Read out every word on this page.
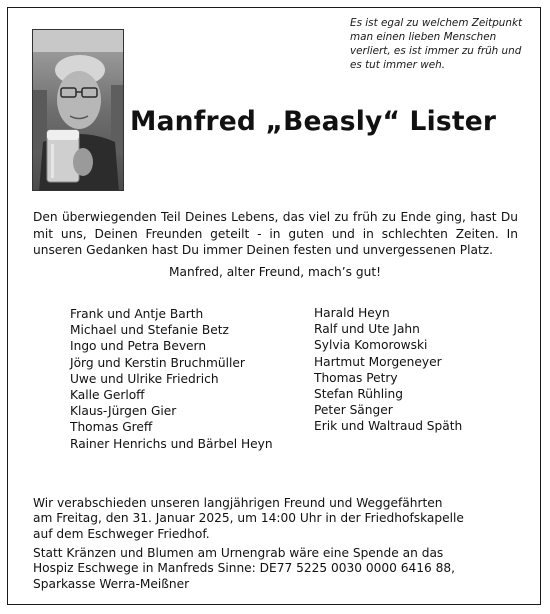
Es ist egal zu welchem Zeitpunkt
man einen lieben Menschen
verliert, es ist immer zu früh und
es tut immer weh.
Manfred „Beasly“ Lister

Den überwiegenden Teil Deines Lebens, das viel zu früh zu Ende ging, hast Du mit uns, Deinen Freunden geteilt - in guten und in schlechten Zeiten. In unseren Gedanken hast Du immer Deinen festen und unvergessenen Platz.

Manfred, alter Freund, mach’s gut!

Frank und Antje Barth
Michael und Stefanie Betz
Ingo und Petra Bevern
Jörg und Kerstin Bruchmüller
Uwe und Ulrike Friedrich
Kalle Gerloff
Klaus-Jürgen Gier
Thomas Greff
Rainer Henrichs und Bärbel Heyn
Harald Heyn
Ralf und Ute Jahn
Sylvia Komorowski
Hartmut Morgeneyer
Thomas Petry
Stefan Rühling
Peter Sänger
Erik und Waltraud Späth

Wir verabschieden unseren langjährigen Freund und Weggefährten
am Freitag, den 31. Januar 2025, um 14:00 Uhr in der Friedhofskapelle
auf dem Eschweger Friedhof.

Statt Kränzen und Blumen am Urnengrab wäre eine Spende an das
Hospiz Eschwege in Manfreds Sinne: DE77 5225 0030 0000 6416 88,
Sparkasse Werra-Meißner
